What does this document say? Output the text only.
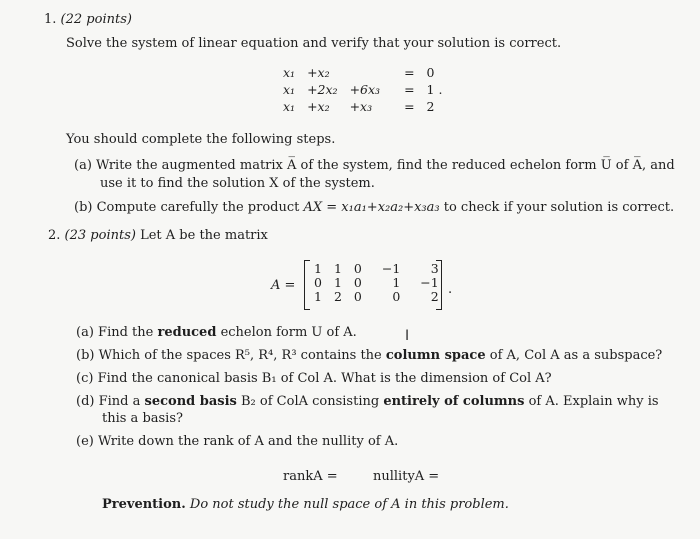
1. (22 points)
Solve the system of linear equation and verify that your solution is correct.
x₁	+x₂		=	0
x₁	+2x₂	+6x₃	=	1 .
x₁	+x₂	+x₃	=	2
You should complete the following steps.
(a) Write the augmented matrix A̅ of the system, find the reduced echelon form U̅ of A̅, and
use it to find the solution X of the system.
(b) Compute carefully the product AX = x₁a₁+x₂a₂+x₃a₃ to check if your solution is correct.
2. (23 points) Let A be the matrix
A =
1	1	0	−1	3
0	1	0	1	−1
1	2	0	0	2 .
(a) Find the reduced echelon form U of A.	I
(b) Which of the spaces R⁵, R⁴, R³ contains the column space of A, Col A as a subspace?
(c) Find the canonical basis B₁ of Col A. What is the dimension of Col A?
(d) Find a second basis B₂ of ColA consisting entirely of columns of A. Explain why is
this a basis?
(e) Write down the rank of A and the nullity of A.
rankA =	nullityA =
Prevention. Do not study the null space of A in this problem.
